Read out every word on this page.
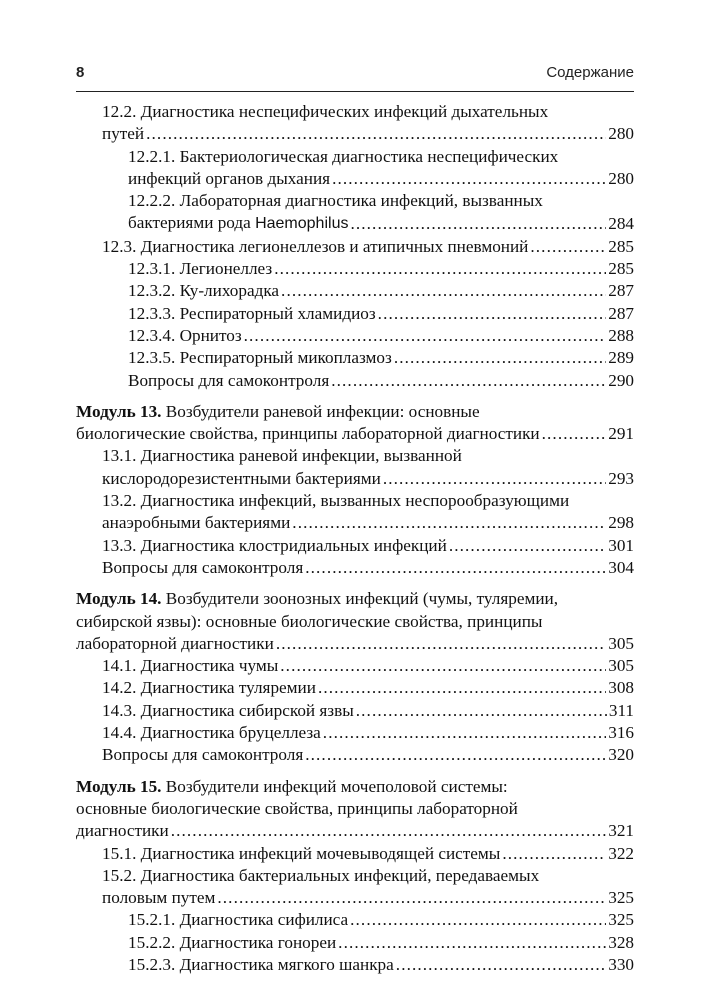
8	Содержание
12.2. Диагностика неспецифических инфекций дыхательных
путей . . .	280
12.2.1. Бактериологическая диагностика неспецифических
инфекций органов дыхания . . .	280
12.2.2. Лабораторная диагностика инфекций, вызванных
бактериями рода Haemophilus . . .	284
12.3. Диагностика легионеллезов и атипичных пневмоний . . .	285
12.3.1. Легионеллез . . .	285
12.3.2. Ку-лихорадка . . .	287
12.3.3. Респираторный хламидиоз . . .	287
12.3.4. Орнитоз . . .	288
12.3.5. Респираторный микоплазмоз . . .	289
Вопросы для самоконтроля . . .	290
Модуль 13. Возбудители раневой инфекции: основные
биологические свойства, принципы лабораторной диагностики . . .	291
13.1. Диагностика раневой инфекции, вызванной
кислородорезистентными бактериями . . .	293
13.2. Диагностика инфекций, вызванных неспорообразующими
анаэробными бактериями . . .	298
13.3. Диагностика клостридиальных инфекций . . .	301
Вопросы для самоконтроля . . .	304
Модуль 14. Возбудители зоонозных инфекций (чумы, туляремии,
сибирской язвы): основные биологические свойства, принципы
лабораторной диагностики . . .	305
14.1. Диагностика чумы . . .	305
14.2. Диагностика туляремии . . .	308
14.3. Диагностика сибирской язвы . . .	311
14.4. Диагностика бруцеллеза . . .	316
Вопросы для самоконтроля . . .	320
Модуль 15. Возбудители инфекций мочеполовой системы:
основные биологические свойства, принципы лабораторной
диагностики . . .	321
15.1. Диагностика инфекций мочевыводящей системы . . .	322
15.2. Диагностика бактериальных инфекций, передаваемых
половым путем . . .	325
15.2.1. Диагностика сифилиса . . .	325
15.2.2. Диагностика гонореи . . .	328
15.2.3. Диагностика мягкого шанкра . . .	330
